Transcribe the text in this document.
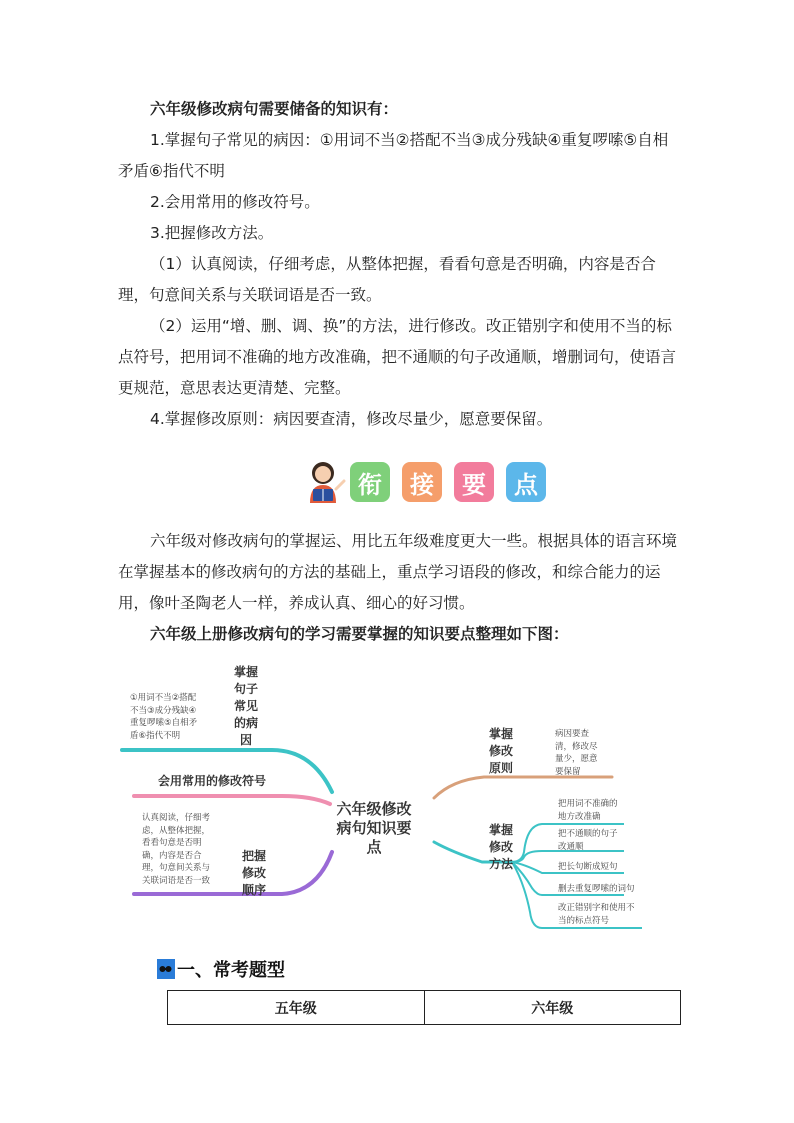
六年级修改病句需要储备的知识有：

1.掌握句子常见的病因：①用词不当②搭配不当③成分残缺④重复啰嗦⑤自相矛盾⑥指代不明

2.会用常用的修改符号。

3.把握修改方法。

（1）认真阅读，仔细考虑，从整体把握，看看句意是否明确，内容是否合理，句意间关系与关联词语是否一致。

（2）运用“增、删、调、换”的方法，进行修改。改正错别字和使用不当的标点符号，把用词不准确的地方改准确，把不通顺的句子改通顺，增删词句，使语言更规范，意思表达更清楚、完整。

4.掌握修改原则：病因要查清，修改尽量少，愿意要保留。

衔	接	要	点

六年级对修改病句的掌握运、用比五年级难度更大一些。根据具体的语言环境在掌握基本的修改病句的方法的基础上，重点学习语段的修改，和综合能力的运用，像叶圣陶老人一样，养成认真、细心的好习惯。

六年级上册修改病句的学习需要掌握的知识要点整理如下图：

六年级修改病句知识要点
①用词不当②搭配不当③成分残缺④重复啰嗦⑤自相矛盾⑥指代不明
掌握句子常见的病因
会用常用的修改符号
认真阅读，仔细考虑，从整体把握，看看句意是否明确，内容是否合理，句意间关系与关联词语是否一致
把握修改顺序
掌握修改原则
病因要查清，修改尽量少，愿意要保留
掌握修改方法
把用词不准确的地方改准确
把不通顺的句子改通顺
把长句断成短句
删去重复啰嗦的词句
改正错别字和使用不当的标点符号
一、常考题型
五年级	六年级
